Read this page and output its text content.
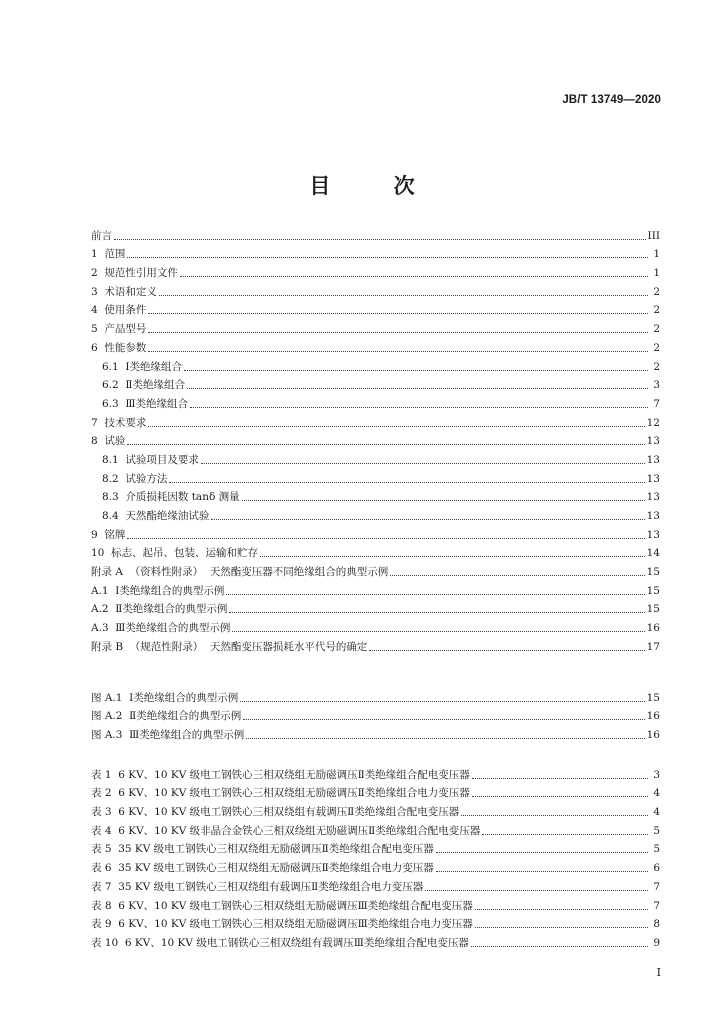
JB/T 13749—2020
目 次
前言	III
1 范围	1
2 规范性引用文件	1
3 术语和定义	2
4 使用条件	2
5 产品型号	2
6 性能参数	2
6.1 Ⅰ类绝缘组合	2
6.2 Ⅱ类绝缘组合	3
6.3 Ⅲ类绝缘组合	7
7 技术要求	12
8 试验	13
8.1 试验项目及要求	13
8.2 试验方法	13
8.3 介质损耗因数 tanδ 测量	13
8.4 天然酯绝缘油试验	13
9 铭牌	13
10 标志、起吊、包装、运输和贮存	14
附录 A （资料性附录）  天然酯变压器不同绝缘组合的典型示例	15
A.1 Ⅰ类绝缘组合的典型示例	15
A.2 Ⅱ类绝缘组合的典型示例	15
A.3 Ⅲ类绝缘组合的典型示例	16
附录 B （规范性附录）  天然酯变压器损耗水平代号的确定	17
图 A.1 Ⅰ类绝缘组合的典型示例	15
图 A.2 Ⅱ类绝缘组合的典型示例	16
图 A.3 Ⅲ类绝缘组合的典型示例	16
表 1 6 KV、10 KV 级电工钢铁心三相双绕组无励磁调压Ⅱ类绝缘组合配电变压器	3
表 2 6 KV、10 KV 级电工钢铁心三相双绕组无励磁调压Ⅱ类绝缘组合电力变压器	4
表 3 6 KV、10 KV 级电工钢铁心三相双绕组有载调压Ⅱ类绝缘组合配电变压器	4
表 4 6 KV、10 KV 级非晶合金铁心三相双绕组无励磁调压Ⅱ类绝缘组合配电变压器	5
表 5 35 KV 级电工钢铁心三相双绕组无励磁调压Ⅱ类绝缘组合配电变压器	5
表 6 35 KV 级电工钢铁心三相双绕组无励磁调压Ⅱ类绝缘组合电力变压器	6
表 7 35 KV 级电工钢铁心三相双绕组有载调压Ⅱ类绝缘组合电力变压器	7
表 8 6 KV、10 KV 级电工钢铁心三相双绕组无励磁调压Ⅲ类绝缘组合配电变压器	7
表 9 6 KV、10 KV 级电工钢铁心三相双绕组无励磁调压Ⅲ类绝缘组合电力变压器	8
表 10 6 KV、10 KV 级电工钢铁心三相双绕组有载调压Ⅲ类绝缘组合配电变压器	9
I
